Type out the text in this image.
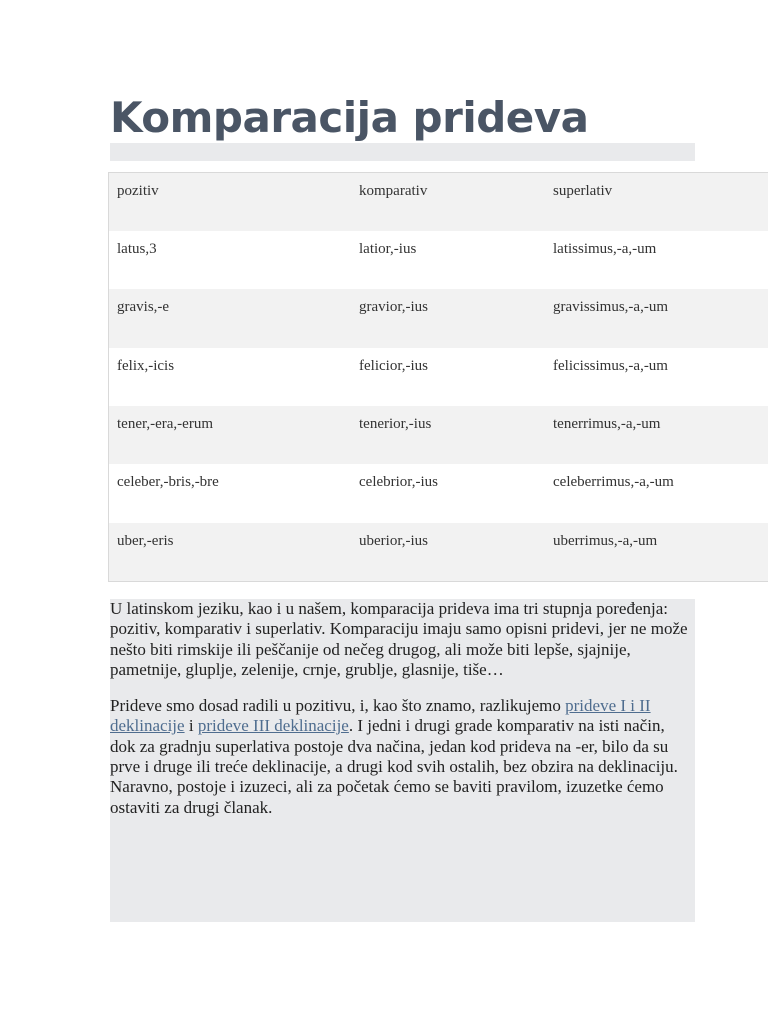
Komparacija prideva
pozitiv	komparativ	superlativ
latus,3	latior,-ius	latissimus,-a,-um
gravis,-e	gravior,-ius	gravissimus,-a,-um
felix,-icis	felicior,-ius	felicissimus,-a,-um
tener,-era,-erum	tenerior,-ius	tenerrimus,-a,-um
celeber,-bris,-bre	celebrior,-ius	celeberrimus,-a,-um
uber,-eris	uberior,-ius	uberrimus,-a,-um

U latinskom jeziku, kao i u našem, komparacija prideva ima tri stupnja poređenja: pozitiv, komparativ i superlativ. Komparaciju imaju samo opisni pridevi, jer ne može nešto biti rimskije ili peščanije od nečeg drugog, ali može biti lepše, sjajnije, pametnije, gluplje, zelenije, crnje, grublje, glasnije, tiše…

Prideve smo dosad radili u pozitivu, i, kao što znamo, razlikujemo prideve I i II deklinacije i prideve III deklinacije. I jedni i drugi grade komparativ na isti način, dok za gradnju superlativa postoje dva načina, jedan kod prideva na -er, bilo da su prve i druge ili treće deklinacije, a drugi kod svih ostalih, bez obzira na deklinaciju. Naravno, postoje i izuzeci, ali za početak ćemo se baviti pravilom, izuzetke ćemo ostaviti za drugi članak.
